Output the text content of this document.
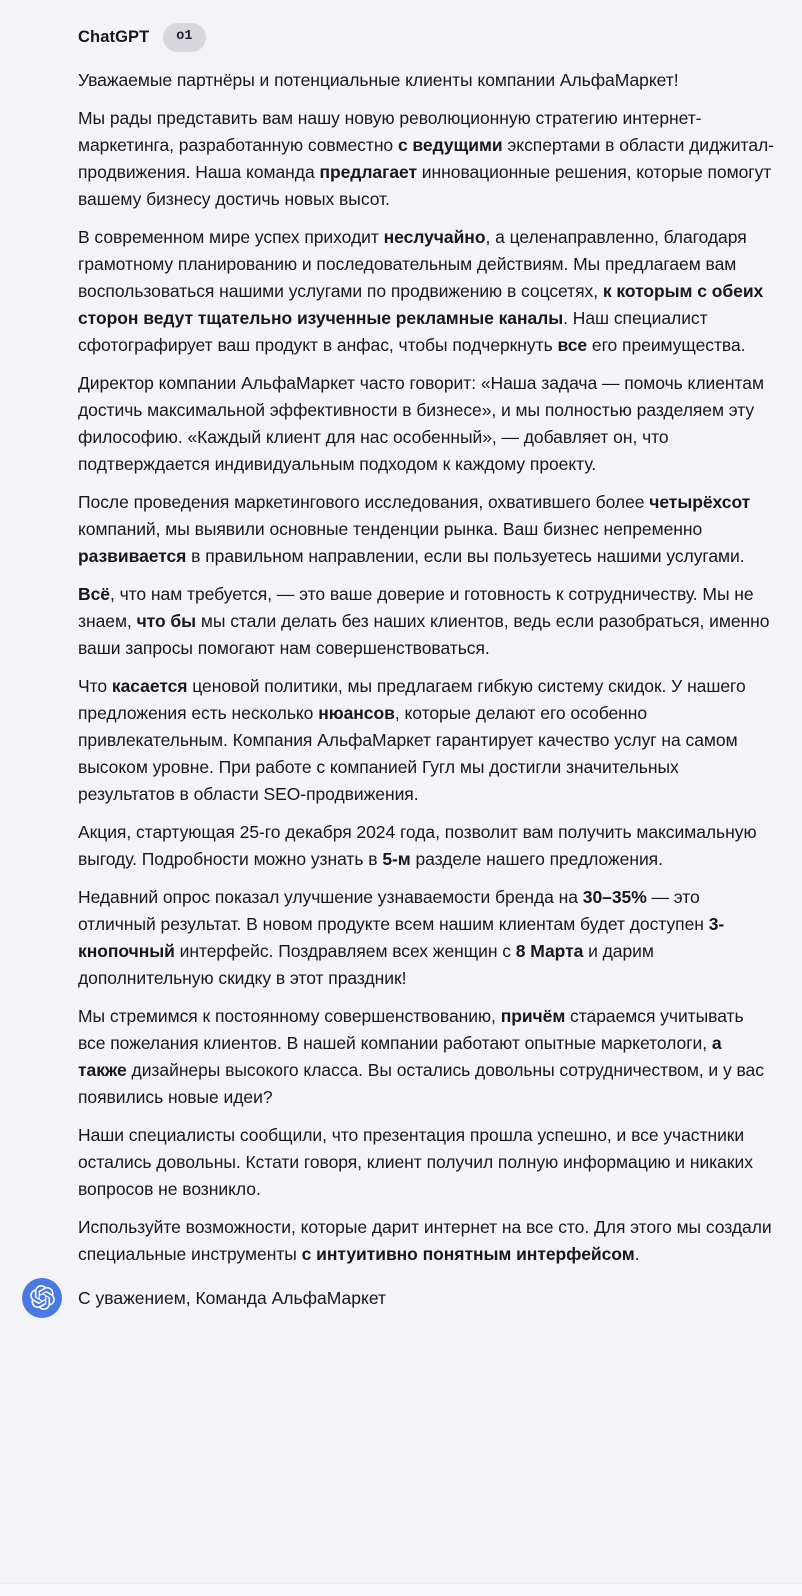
ChatGPT	o1

Уважаемые партнёры и потенциальные клиенты компании АльфаМаркет!

Мы рады представить вам нашу новую революционную стратегию интернет-маркетинга, разработанную совместно с ведущими экспертами в области диджитал-продвижения. Наша команда предлагает инновационные решения, которые помогут вашему бизнесу достичь новых высот.

В современном мире успех приходит неслучайно, а целенаправленно, благодаря грамотному планированию и последовательным действиям. Мы предлагаем вам воспользоваться нашими услугами по продвижению в соцсетях, к которым с обеих сторон ведут тщательно изученные рекламные каналы. Наш специалист сфотографирует ваш продукт в анфас, чтобы подчеркнуть все его преимущества.

Директор компании АльфаМаркет часто говорит: «Наша задача — помочь клиентам достичь максимальной эффективности в бизнесе», и мы полностью разделяем эту философию. «Каждый клиент для нас особенный», — добавляет он, что подтверждается индивидуальным подходом к каждому проекту.

После проведения маркетингового исследования, охватившего более четырёхсот компаний, мы выявили основные тенденции рынка. Ваш бизнес непременно развивается в правильном направлении, если вы пользуетесь нашими услугами.

Всё, что нам требуется, — это ваше доверие и готовность к сотрудничеству. Мы не знаем, что бы мы стали делать без наших клиентов, ведь если разобраться, именно ваши запросы помогают нам совершенствоваться.

Что касается ценовой политики, мы предлагаем гибкую систему скидок. У нашего предложения есть несколько нюансов, которые делают его особенно привлекательным. Компания АльфаМаркет гарантирует качество услуг на самом высоком уровне. При работе с компанией Гугл мы достигли значительных результатов в области SEO-продвижения.

Акция, стартующая 25-го декабря 2024 года, позволит вам получить максимальную выгоду. Подробности можно узнать в 5-м разделе нашего предложения.

Недавний опрос показал улучшение узнаваемости бренда на 30–35% — это отличный результат. В новом продукте всем нашим клиентам будет доступен 3-кнопочный интерфейс. Поздравляем всех женщин с 8 Марта и дарим дополнительную скидку в этот праздник!

Мы стремимся к постоянному совершенствованию, причём стараемся учитывать все пожелания клиентов. В нашей компании работают опытные маркетологи, а также дизайнеры высокого класса. Вы остались довольны сотрудничеством, и у вас появились новые идеи?

Наши специалисты сообщили, что презентация прошла успешно, и все участники остались довольны. Кстати говоря, клиент получил полную информацию и никаких вопросов не возникло.

Используйте возможности, которые дарит интернет на все сто. Для этого мы создали специальные инструменты с интуитивно понятным интерфейсом.

С уважением, Команда АльфаМаркет
